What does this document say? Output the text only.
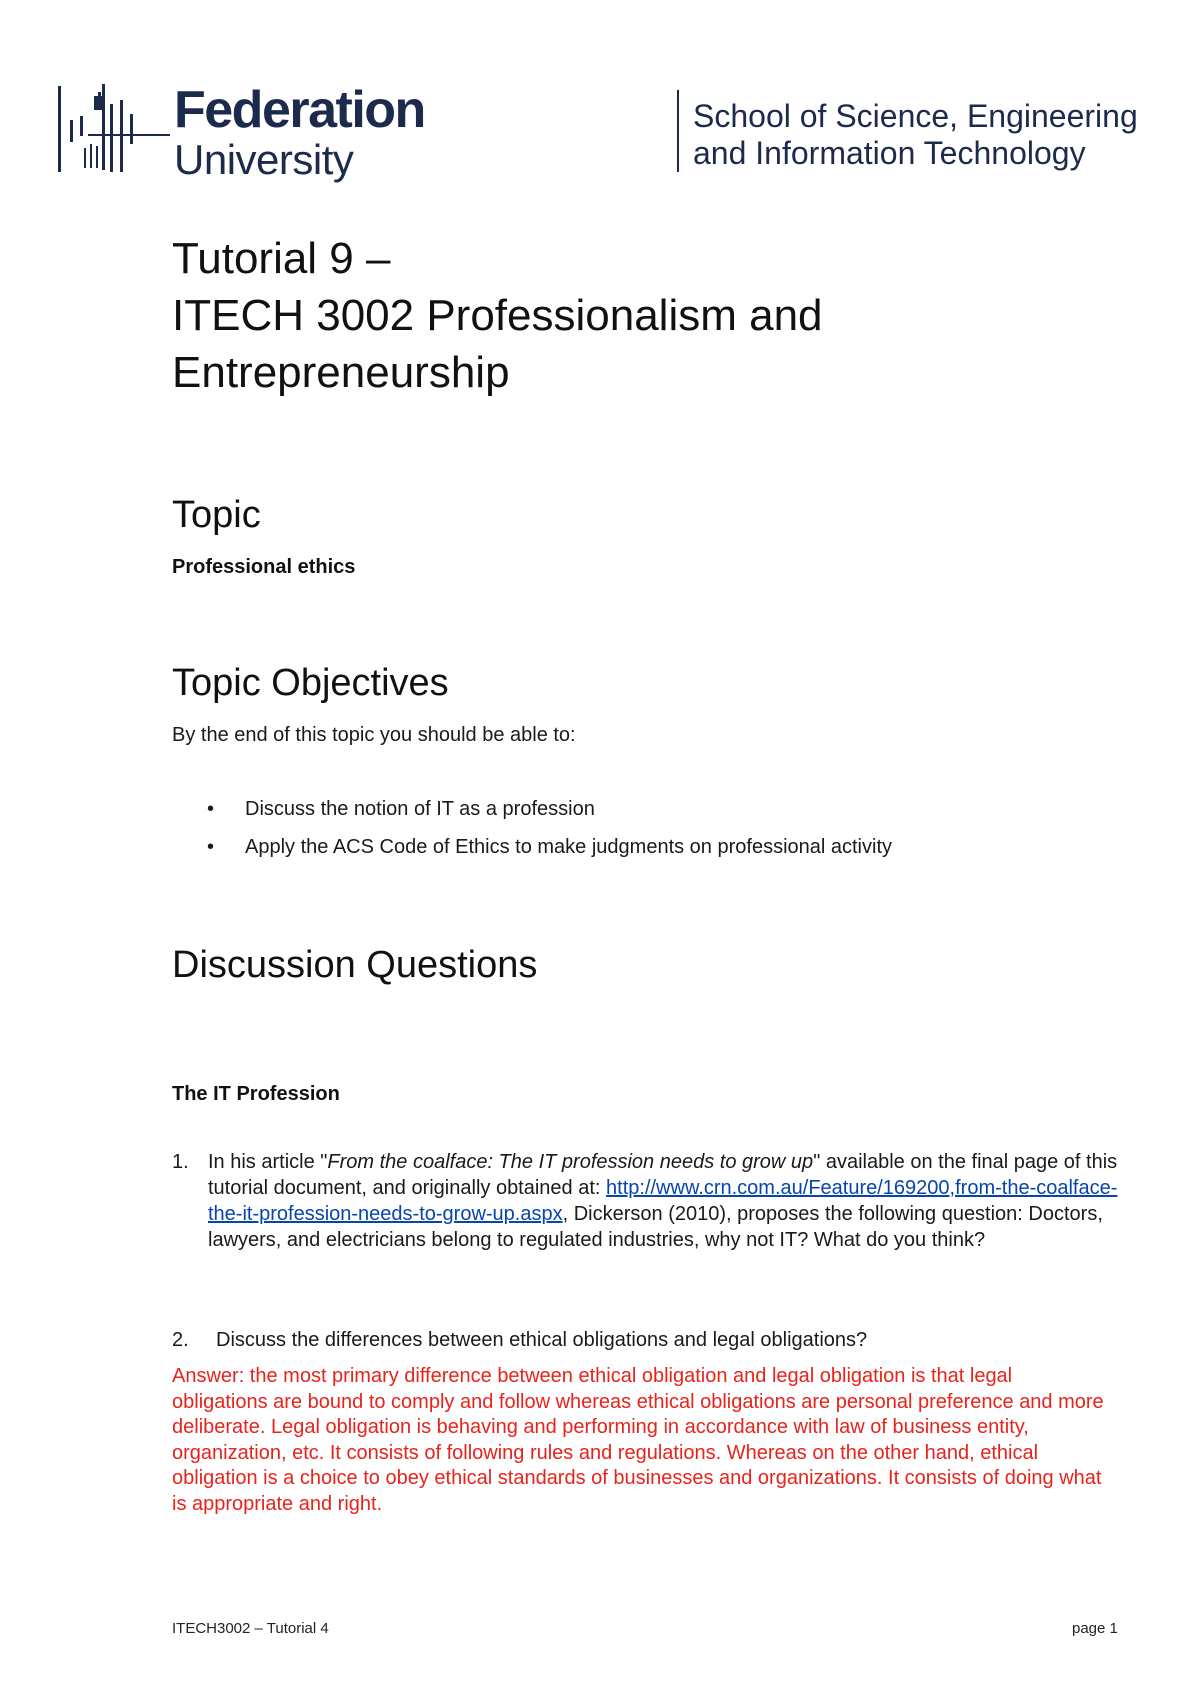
Federation
University
School of Science, Engineering
and Information Technology
Tutorial 9 –
ITECH 3002 Professionalism and
Entrepreneurship
Topic
Professional ethics
Topic Objectives
By the end of this topic you should be able to:
• Discuss the notion of IT as a profession
• Apply the ACS Code of Ethics to make judgments on professional activity
Discussion Questions
The IT Profession
1. In his article "From the coalface: The IT profession needs to grow up" available on the final page of this tutorial document, and originally obtained at: http://www.crn.com.au/Feature/169200,from-the-coalface-the-it-profession-needs-to-grow-up.aspx, Dickerson (2010), proposes the following question: Doctors, lawyers, and electricians belong to regulated industries, why not IT? What do you think?
2.	Discuss the differences between ethical obligations and legal obligations?
Answer: the most primary difference between ethical obligation and legal obligation is that legal obligations are bound to comply and follow whereas ethical obligations are personal preference and more deliberate. Legal obligation is behaving and performing in accordance with law of business entity, organization, etc. It consists of following rules and regulations. Whereas on the other hand, ethical obligation is a choice to obey ethical standards of businesses and organizations. It consists of doing what is appropriate and right.
ITECH3002 – Tutorial 4	page 1
